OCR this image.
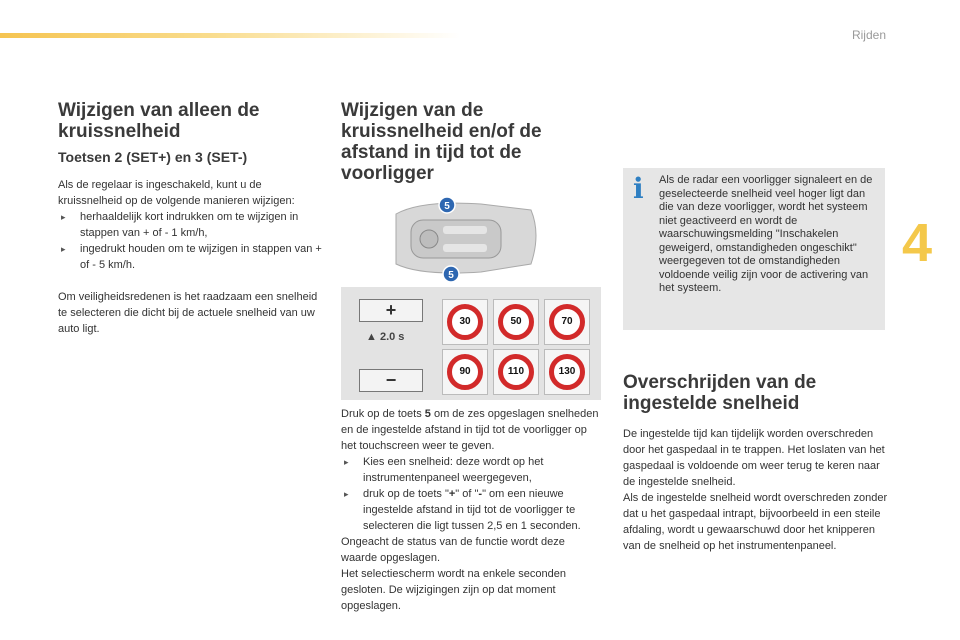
Rijden
4
Wijzigen van alleen de kruissnelheid
Toetsen 2 (SET+) en 3 (SET-)

Als de regelaar is ingeschakeld, kunt u de kruissnelheid op de volgende manieren wijzigen:

▸ herhaaldelijk kort indrukken om te wijzigen in stappen van + of - 1 km/h,
▸ ingedrukt houden om te wijzigen in stappen van + of - 5 km/h.

Om veiligheidsredenen is het raadzaam een snelheid te selecteren die dicht bij de actuele snelheid van uw auto ligt.

Wijzigen van de kruissnelheid en/of de afstand in tijd tot de voorligger
5
5
+
▲ 2.0 s
−
30	50	70
90	110	130

Druk op de toets 5 om de zes opgeslagen snelheden en de ingestelde afstand in tijd tot de voorligger op het touchscreen weer te geven.

▸ Kies een snelheid: deze wordt op het instrumentenpaneel weergegeven,
▸ druk op de toets "+" of "-" om een nieuwe ingestelde afstand in tijd tot de voorligger te selecteren die ligt tussen 2,5 en 1 seconden.

Ongeacht de status van de functie wordt deze waarde opgeslagen.

Het selectiescherm wordt na enkele seconden gesloten. De wijzigingen zijn op dat moment opgeslagen.

i Als de radar een voorligger signaleert en de geselecteerde snelheid veel hoger ligt dan die van deze voorligger, wordt het systeem niet geactiveerd en wordt de waarschuwingsmelding "Inschakelen geweigerd, omstandigheden ongeschikt" weergegeven tot de omstandigheden voldoende veilig zijn voor de activering van het systeem.
Overschrijden van de ingestelde snelheid

De ingestelde tijd kan tijdelijk worden overschreden door het gaspedaal in te trappen. Het loslaten van het gaspedaal is voldoende om weer terug te keren naar de ingestelde snelheid.

Als de ingestelde snelheid wordt overschreden zonder dat u het gaspedaal intrapt, bijvoorbeeld in een steile afdaling, wordt u gewaarschuwd door het knipperen van de snelheid op het instrumentenpaneel.
